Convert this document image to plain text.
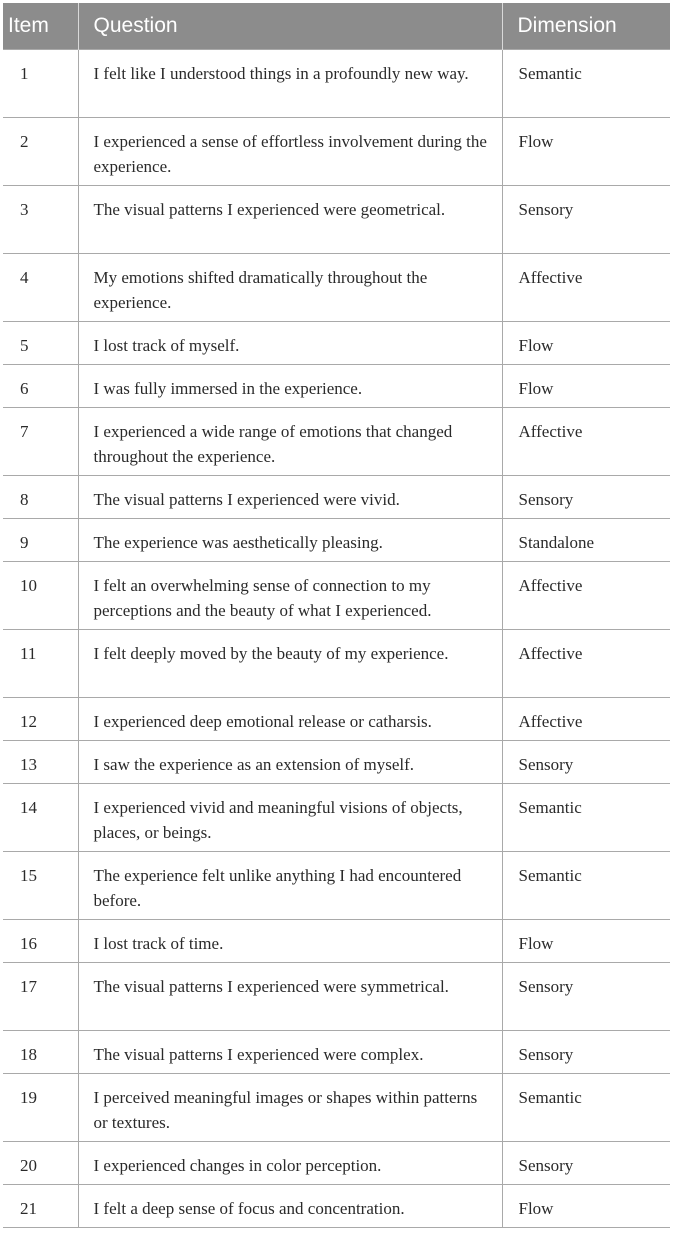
Item	Question	Dimension
1	I felt like I understood things in a profoundly new way.	Semantic
2	I experienced a sense of effortless involvement during the experience.	Flow
3	The visual patterns I experienced were geometrical.	Sensory
4	My emotions shifted dramatically throughout the experience.	Affective
5	I lost track of myself.	Flow
6	I was fully immersed in the experience.	Flow
7	I experienced a wide range of emotions that changed throughout the experience.	Affective
8	The visual patterns I experienced were vivid.	Sensory
9	The experience was aesthetically pleasing.	Standalone
10	I felt an overwhelming sense of connection to my perceptions and the beauty of what I experienced.	Affective
11	I felt deeply moved by the beauty of my experience.	Affective
12	I experienced deep emotional release or catharsis.	Affective
13	I saw the experience as an extension of myself.	Sensory
14	I experienced vivid and meaningful visions of objects, places, or beings.	Semantic
15	The experience felt unlike anything I had encountered before.	Semantic
16	I lost track of time.	Flow
17	The visual patterns I experienced were symmetrical.	Sensory
18	The visual patterns I experienced were complex.	Sensory
19	I perceived meaningful images or shapes within patterns or textures.	Semantic
20	I experienced changes in color perception.	Sensory
21	I felt a deep sense of focus and concentration.	Flow
